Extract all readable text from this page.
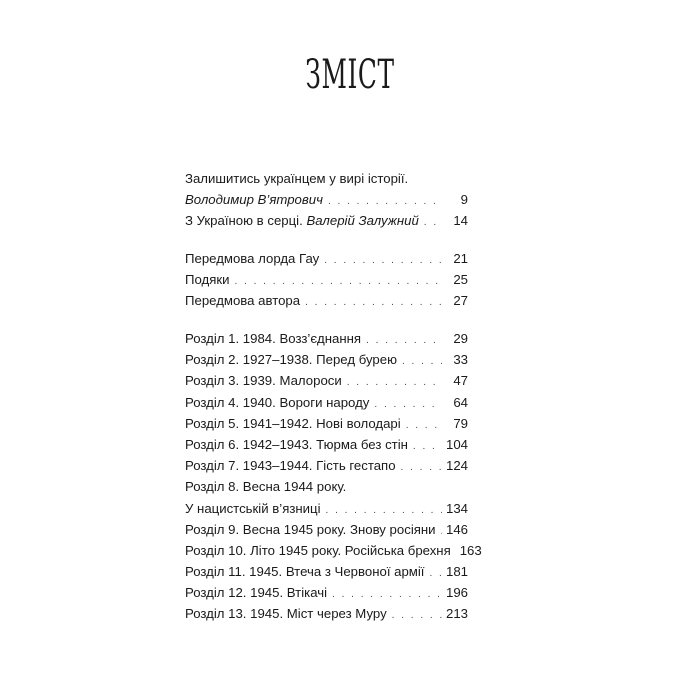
ЗМІСТ
Залишитись українцем у вирі історії.
Володимир В’ятрович . . .	9
З Україною в серці. Валерій Залужний . . .	14
Передмова лорда Гау . . .	21
Подяки . . .	25
Передмова автора . . .	27
Розділ 1. 1984. Возз’єднання . . .	29
Розділ 2. 1927–1938. Перед бурею . . .	33
Розділ 3. 1939. Малороси . . .	47
Розділ 4. 1940. Вороги народу . . .	64
Розділ 5. 1941–1942. Нові володарі . . .	79
Розділ 6. 1942–1943. Тюрма без стін . . .	104
Розділ 7. 1943–1944. Гість гестапо . . .	124
Розділ 8. Весна 1944 року.
У нацистській в’язниці . . .	134
Розділ 9. Весна 1945 року. Знову росіяни . . . 146
Розділ 10. Літо 1945 року. Російська брехня 163
Розділ 11. 1945. Втеча з Червоної армії . . . 181
Розділ 12. 1945. Втікачі . . .	196
Розділ 13. 1945. Міст через Муру . . .	213
